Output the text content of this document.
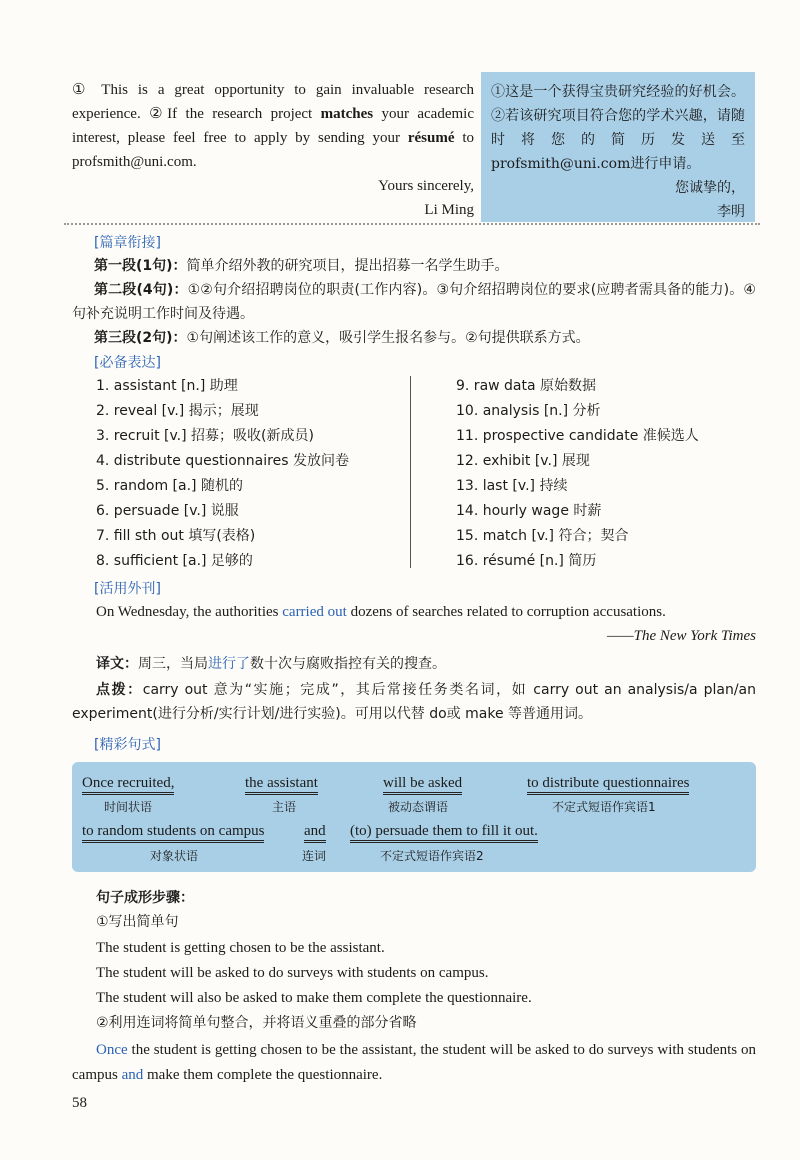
① This is a great opportunity to gain invaluable research experience. ②If the research project matches your academic interest, please feel free to apply by sending your résumé to profsmith@uni.com.

Yours sincerely,
Li Ming

①这是一个获得宝贵研究经验的好机会。②若该研究项目符合您的学术兴趣，请随时将您的简历发送至profsmith@uni.com进行申请。

您诚挚的，

李明

[篇章衔接]
第一段(1句)：简单介绍外教的研究项目，提出招募一名学生助手。
第二段(4句)：①②句介绍招聘岗位的职责(工作内容)。③句介绍招聘岗位的要求(应聘者需具备的能力)。④句补充说明工作时间及待遇。
第三段(2句)：①句阐述该工作的意义，吸引学生报名参与。②句提供联系方式。
[必备表达]
1. assistant [n.] 助理
2. reveal [v.] 揭示；展现
3. recruit [v.] 招募；吸收(新成员)
4. distribute questionnaires 发放问卷
5. random [a.] 随机的
6. persuade [v.] 说服
7. fill sth out 填写(表格)
8. sufficient [a.] 足够的
9. raw data 原始数据
10. analysis [n.] 分析
11. prospective candidate 准候选人
12. exhibit [v.] 展现
13. last [v.] 持续
14. hourly wage 时薪
15. match [v.] 符合；契合
16. résumé [n.] 简历
[活用外刊]
On Wednesday, the authorities carried out dozens of searches related to corruption accusations.
——The New York Times
译文：周三，当局进行了数十次与腐败指控有关的搜查。
点拨：carry out 意为“实施；完成”，其后常接任务类名词，如 carry out an analysis/a plan/an experiment(进行分析/实行计划/进行实验)。可用以代替 do或 make 等普通用词。
[精彩句式]
Once recruited,
时间状语
the assistant
主语
will be asked
被动态谓语
to distribute questionnaires
不定式短语作宾语1
to random students on campus
对象状语
and
连词
(to) persuade them to fill it out.
不定式短语作宾语2
句子成形步骤：
①写出简单句
The student is getting chosen to be the assistant.
The student will be asked to do surveys with students on campus.
The student will also be asked to make them complete the questionnaire.
②利用连词将简单句整合，并将语义重叠的部分省略
Once the student is getting chosen to be the assistant, the student will be asked to do surveys with students on campus and make them complete the questionnaire.
58
